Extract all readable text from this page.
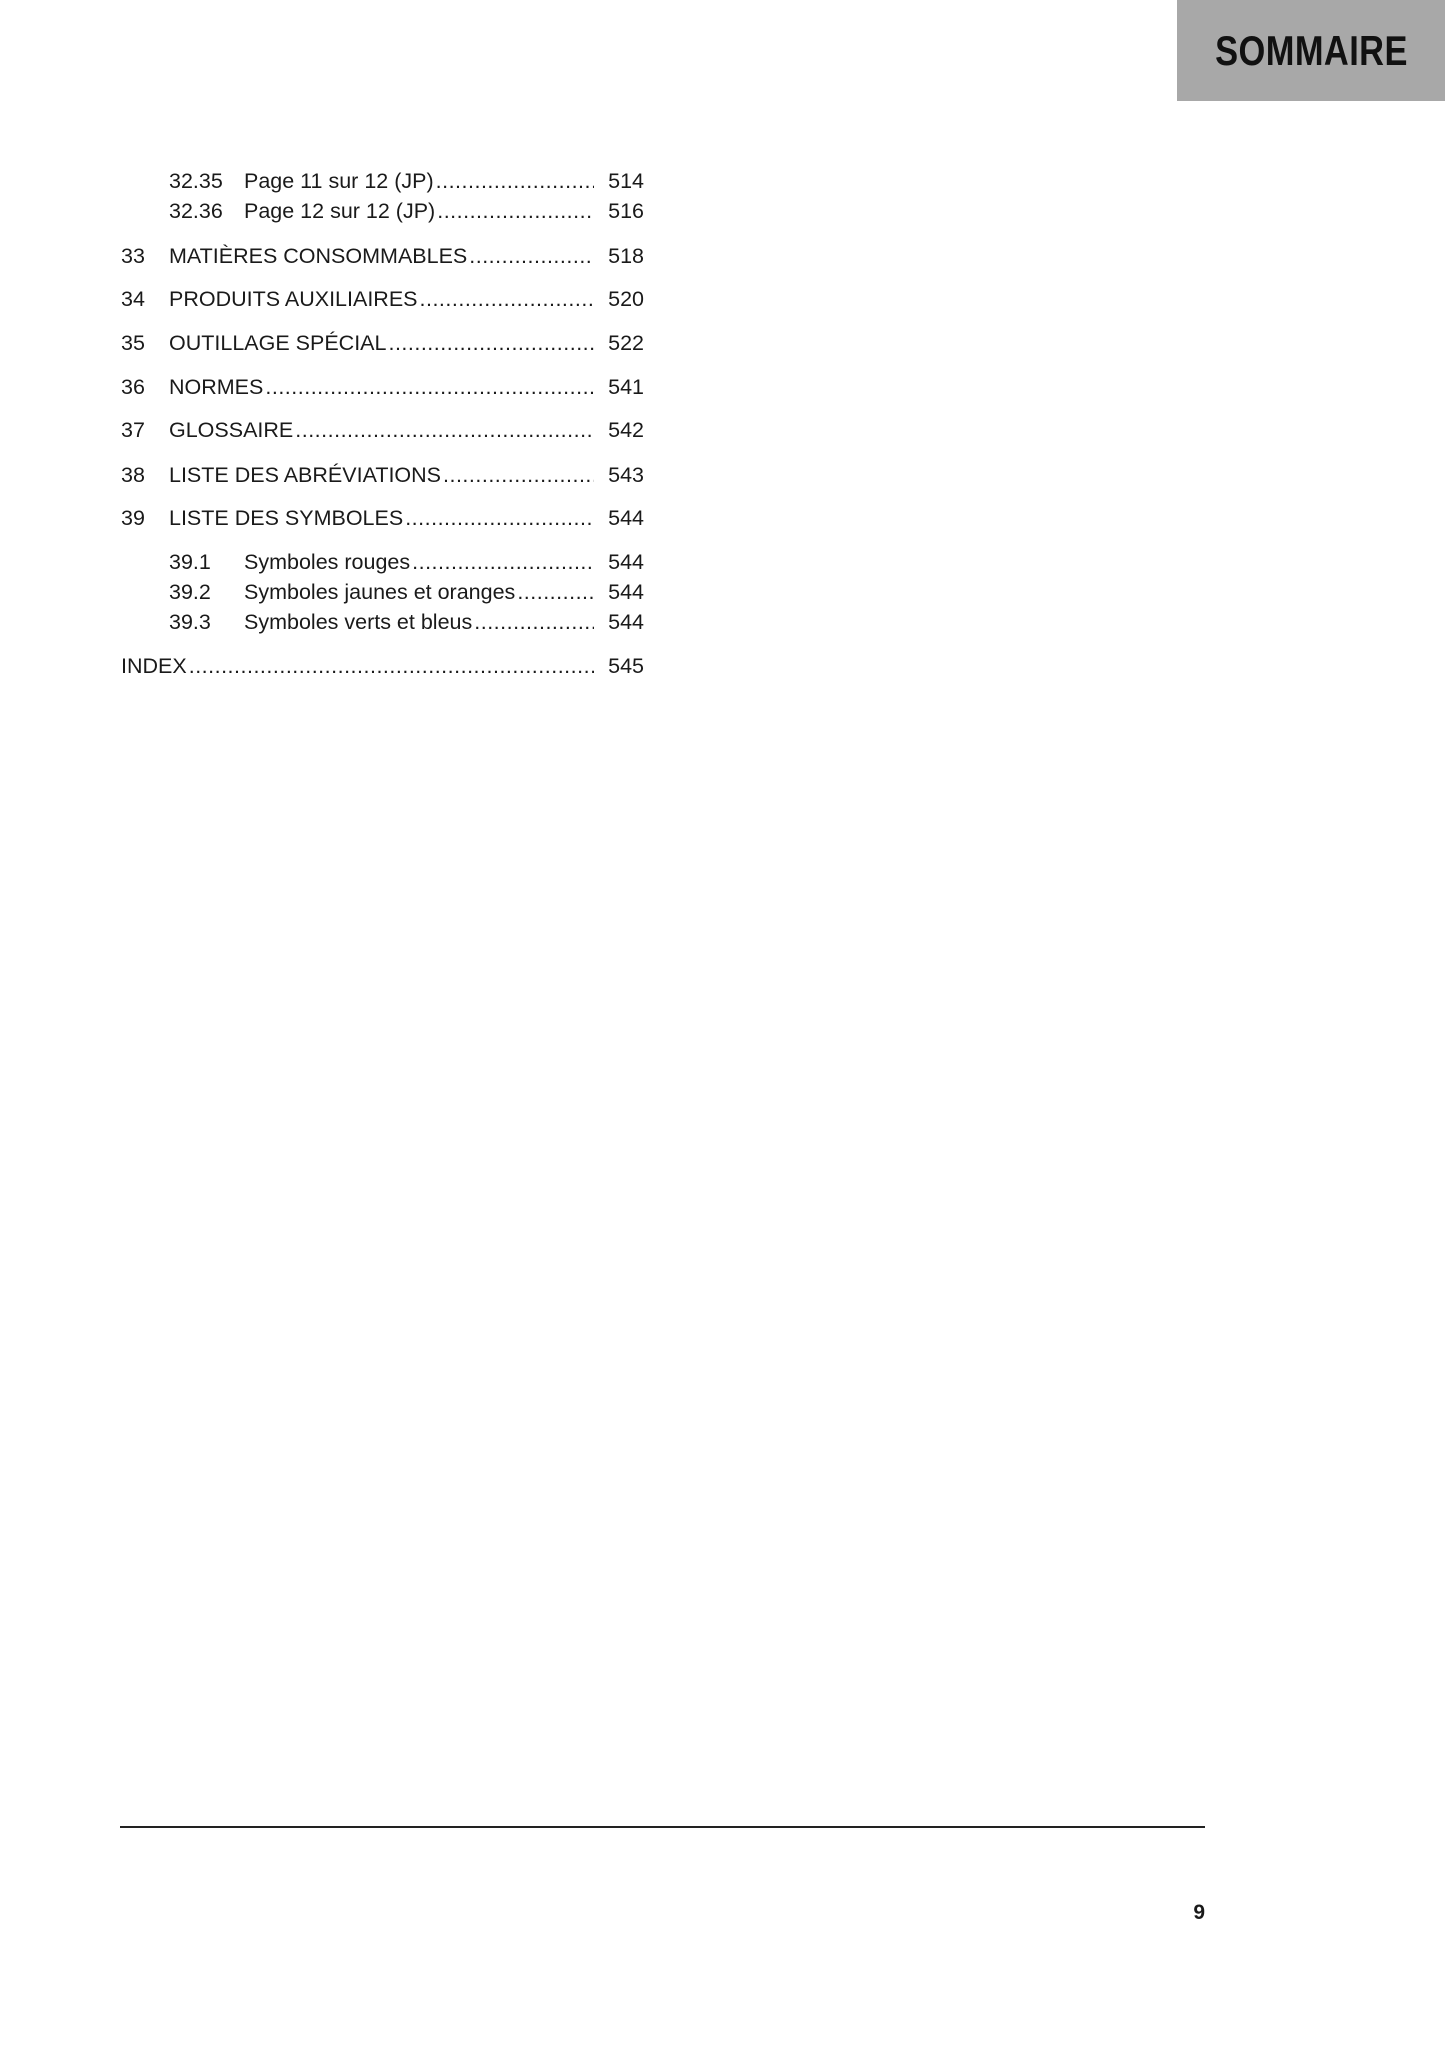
SOMMAIRE
32.35 Page 11 sur 12 (JP) .....	514
32.36 Page 12 sur 12 (JP) .....	516
33	MATIÈRES CONSOMMABLES .....	518
34	PRODUITS AUXILIAIRES .....	520
35	OUTILLAGE SPÉCIAL .....	522
36	NORMES .....	541
37	GLOSSAIRE .....	542
38	LISTE DES ABRÉVIATIONS .....	543
39	LISTE DES SYMBOLES .....	544
39.1	Symboles rouges .....	544
39.2	Symboles jaunes et oranges .....	544
39.3	Symboles verts et bleus .....	544
INDEX .....	545
9
